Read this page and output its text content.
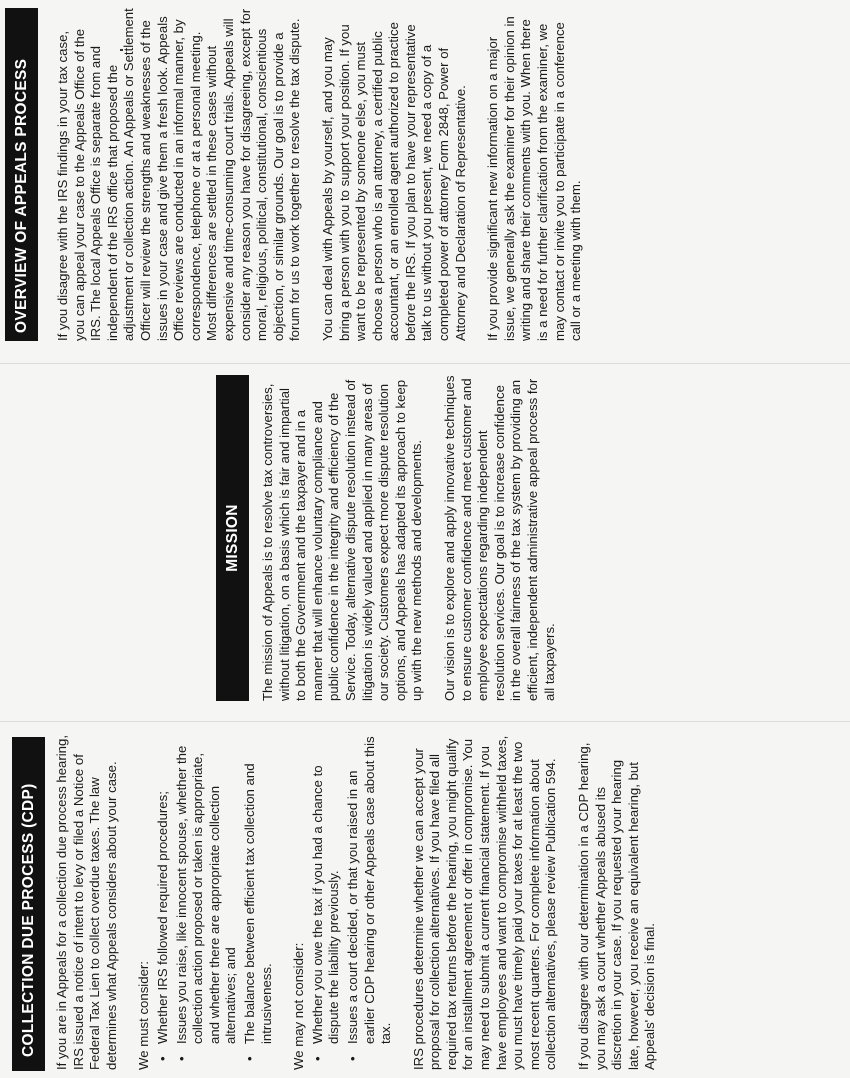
COLLECTION DUE PROCESS (CDP)	If you are in Appeals for a collection due process hearing, IRS issued a notice of intent to levy or filed a Notice of Federal Tax Lien to collect overdue taxes. The law determines what Appeals considers about your case. We must consider: •
Whether IRS followed required procedures;
•
Issues you raise, like innocent spouse, whether the collection action proposed or taken is appropriate, and whether there are appropriate collection alternatives; and
•
The balance between efficient tax collection and intrusiveness. We may not consider: •
Whether you owe the tax if you had a chance to dispute the liability previously.
•
Issues a court decided, or that you raised in an earlier CDP hearing or other Appeals case about this tax. IRS procedures determine whether we can accept your proposal for collection alternatives. If you have filed all required tax returns before the hearing, you might qualify for an installment agreement or offer in compromise. You may need to submit a current financial statement. If you have employees and want to compromise withheld taxes, you must have timely paid your taxes for at least the two most recent quarters. For complete information about collection alternatives, please review Publication 594. If you disagree with our determination in a CDP hearing, you may ask a court whether Appeals abused its discretion in your case. If you requested your hearing late, however, you receive an equivalent hearing, but Appeals' decision is final.

MISSION	The mission of Appeals is to resolve tax controversies, without litigation, on a basis which is fair and impartial to both the Government and the taxpayer and in a manner that will enhance voluntary compliance and public confidence in the integrity and efficiency of the Service. Today, alternative dispute resolution instead of litigation is widely valued and applied in many areas of our society. Customers expect more dispute resolution options, and Appeals has adapted its approach to keep up with the new methods and developments. Our vision is to explore and apply innovative techniques to ensure customer confidence and meet customer and employee expectations regarding independent resolution services. Our goal is to increase confidence in the overall fairness of the tax system by providing an efficient, independent administrative appeal process for all taxpayers.

OVERVIEW OF APPEALS PROCESS	If you disagree with the IRS findings in your tax case, you can appeal your case to the Appeals Office of the IRS. The local Appeals Office is separate from and independent of the IRS office that proposed the adjustment or collection action. An Appeals or Settlement Officer will review the strengths and weaknesses of the issues in your case and give them a fresh look. Appeals Office reviews are conducted in an informal manner, by correspondence, telephone or at a personal meeting. Most differences are settled in these cases without expensive and time-consuming court trials. Appeals will consider any reason you have for disagreeing, except for moral, religious, political, constitutional, conscientious objection, or similar grounds. Our goal is to provide a forum for us to work together to resolve the tax dispute. You can deal with Appeals by yourself, and you may bring a person with you to support your position. If you want to be represented by someone else, you must choose a person who is an attorney, a certified public accountant, or an enrolled agent authorized to practice before the IRS. If you plan to have your representative talk to us without you present, we need a copy of a completed power of attorney Form 2848, Power of Attorney and Declaration of Representative. If you provide significant new information on a major issue, we generally ask the examiner for their opinion in writing and share their comments with you. When there is a need for further clarification from the examiner, we may contact or invite you to participate in a conference call or a meeting with them.
